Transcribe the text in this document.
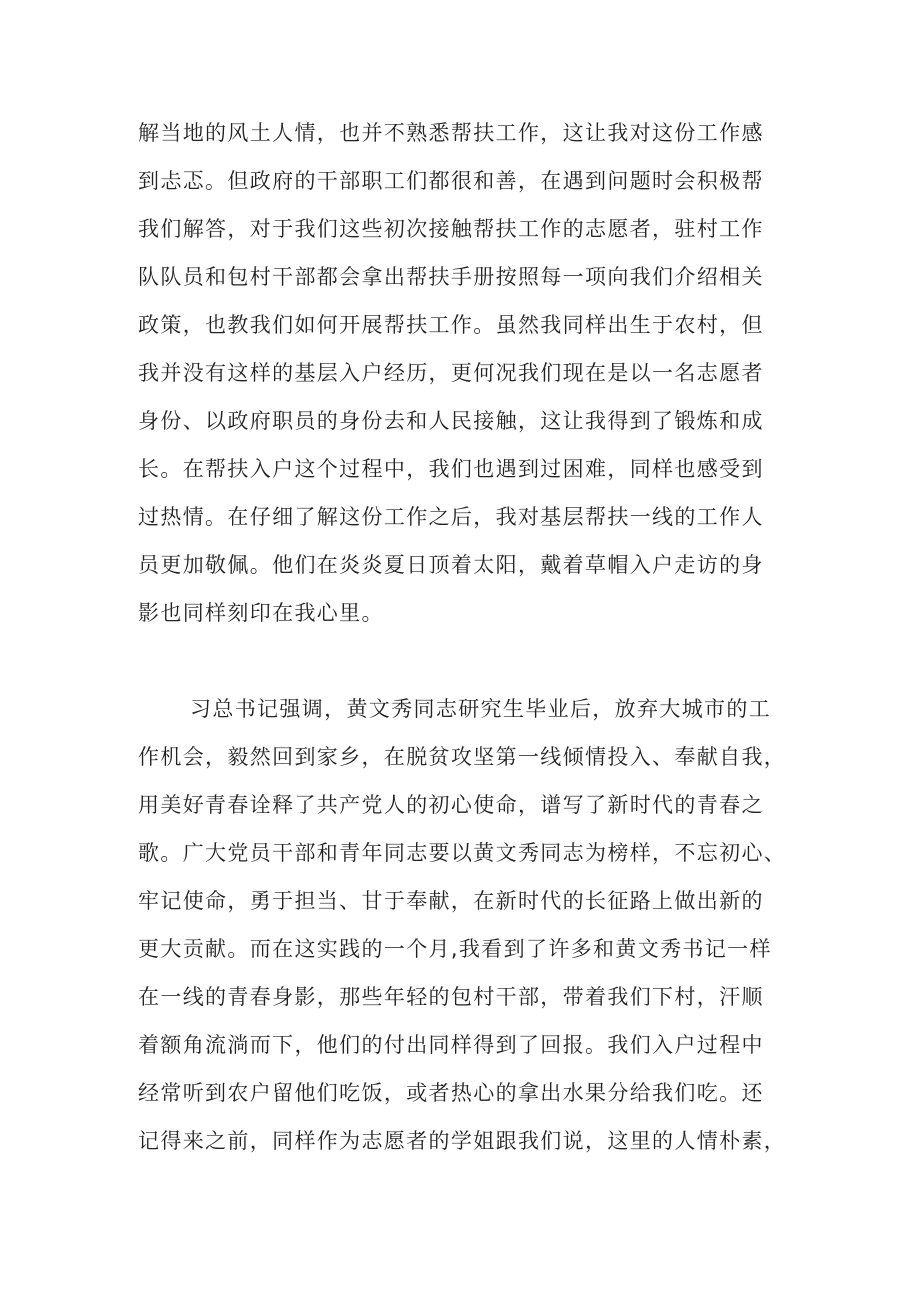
解当地的风土人情，也并不熟悉帮扶工作，这让我对这份工作感
到忐忑。但政府的干部职工们都很和善，在遇到问题时会积极帮
我们解答，对于我们这些初次接触帮扶工作的志愿者，驻村工作
队队员和包村干部都会拿出帮扶手册按照每一项向我们介绍相关
政策，也教我们如何开展帮扶工作。虽然我同样出生于农村，但
我并没有这样的基层入户经历，更何况我们现在是以一名志愿者
身份、以政府职员的身份去和人民接触，这让我得到了锻炼和成
长。在帮扶入户这个过程中，我们也遇到过困难，同样也感受到
过热情。在仔细了解这份工作之后，我对基层帮扶一线的工作人
员更加敬佩。他们在炎炎夏日顶着太阳，戴着草帽入户走访的身
影也同样刻印在我心里。
习总书记强调，黄文秀同志研究生毕业后，放弃大城市的工
作机会，毅然回到家乡，在脱贫攻坚第一线倾情投入、奉献自我，
用美好青春诠释了共产党人的初心使命，谱写了新时代的青春之
歌。广大党员干部和青年同志要以黄文秀同志为榜样，不忘初心、
牢记使命，勇于担当、甘于奉献，在新时代的长征路上做出新的
更大贡献。而在这实践的一个月,我看到了许多和黄文秀书记一样
在一线的青春身影，那些年轻的包村干部，带着我们下村，汗顺
着额角流淌而下，他们的付出同样得到了回报。我们入户过程中
经常听到农户留他们吃饭，或者热心的拿出水果分给我们吃。还
记得来之前，同样作为志愿者的学姐跟我们说，这里的人情朴素，
